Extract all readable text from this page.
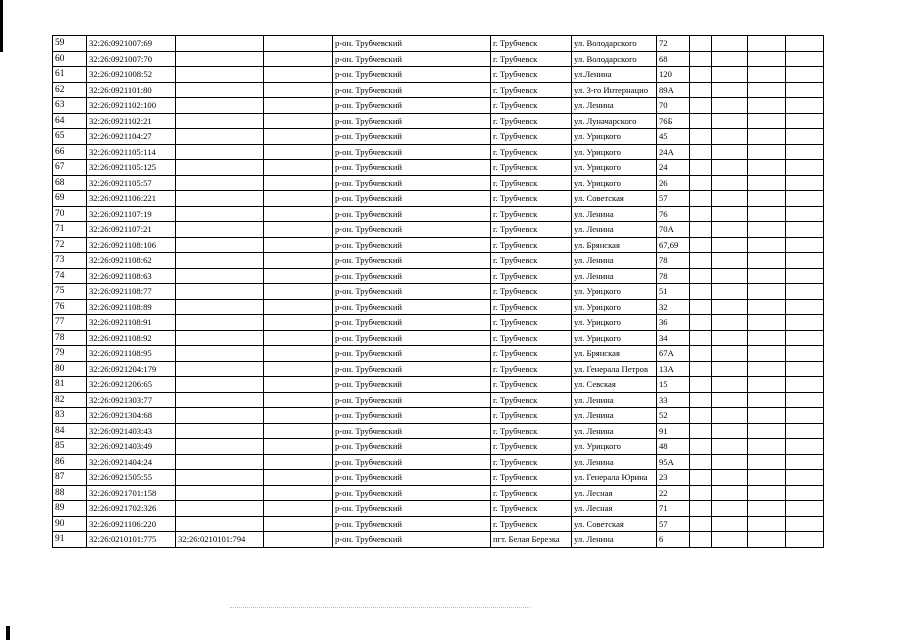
59	32:26:0921007:69			р-он. Трубчевский	г. Трубчевск	ул. Володарского	72				
60	32:26:0921007:70			р-он. Трубчевский	г. Трубчевск	ул. Володарского	68				
61	32:26:0921008:52			р-он. Трубчевский	г. Трубчевск	ул.Ленина	120				
62	32:26:0921101:80			р-он. Трубчевский	г. Трубчевск	ул. 3-го Интернацио	89А				
63	32:26:0921102:100			р-он. Трубчевский	г. Трубчевск	ул. Ленина	70				
64	32:26:0921102:21			р-он. Трубчевский	г. Трубчевск	ул. Луначарского	76Б				
65	32:26:0921104:27			р-он. Трубчевский	г. Трубчевск	ул. Урицкого	45				
66	32:26:0921105:114			р-он. Трубчевский	г. Трубчевск	ул. Урицкого	24А				
67	32:26:0921105:125			р-он. Трубчевский	г. Трубчевск	ул. Урицкого	24				
68	32:26:0921105:57			р-он. Трубчевский	г. Трубчевск	ул. Урицкого	26				
69	32:26:0921106:221			р-он. Трубчевский	г. Трубчевск	ул. Советская	57				
70	32:26:0921107:19			р-он. Трубчевский	г. Трубчевск	ул. Ленина	76				
71	32:26:0921107:21			р-он. Трубчевский	г. Трубчевск	ул. Ленина	70А				
72	32:26:0921108:106			р-он. Трубчевский	г. Трубчевск	ул. Брянская	67,69				
73	32:26:0921108:62			р-он. Трубчевский	г. Трубчевск	ул. Ленина	78				
74	32:26:0921108:63			р-он. Трубчевский	г. Трубчевск	ул. Ленина	78				
75	32:26:0921108:77			р-он. Трубчевский	г. Трубчевск	ул. Урицкого	51				
76	32:26:0921108:89			р-он. Трубчевский	г. Трубчевск	ул. Урицкого	32				
77	32:26:0921108:91			р-он. Трубчевский	г. Трубчевск	ул. Урицкого	36				
78	32:26:0921108:92			р-он. Трубчевский	г. Трубчевск	ул. Урицкого	34				
79	32:26:0921108:95			р-он. Трубчевский	г. Трубчевск	ул. Брянская	67А				
80	32:26:0921204:179			р-он. Трубчевский	г. Трубчевск	ул. Генерала Петров	13А				
81	32:26:0921206:65			р-он. Трубчевский	г. Трубчевск	ул. Севская	15				
82	32:26:0921303:77			р-он. Трубчевский	г. Трубчевск	ул. Ленина	33				
83	32:26:0921304:68			р-он. Трубчевский	г. Трубчевск	ул. Ленина	52				
84	32:26:0921403:43			р-он. Трубчевский	г. Трубчевск	ул. Ленина	91				
85	32:26:0921403:49			р-он. Трубчевский	г. Трубчевск	ул. Урицкого	48				
86	32:26:0921404:24			р-он. Трубчевский	г. Трубчевск	ул. Ленина	95А				
87	32:26:0921505:55			р-он. Трубчевский	г. Трубчевск	ул. Генерала Юрина	23				
88	32:26:0921701:158			р-он. Трубчевский	г. Трубчевск	ул. Лесная	22				
89	32:26:0921702:326			р-он. Трубчевский	г. Трубчевск	ул. Лесная	71				
90	32:26:0921106:220			р-он. Трубчевский	г. Трубчевск	ул. Советская	57				
91	32:26:0210101:775	32:26:0210101:794		р-он. Трубчевский	пгт. Белая Березка	ул. Ленина	6				
